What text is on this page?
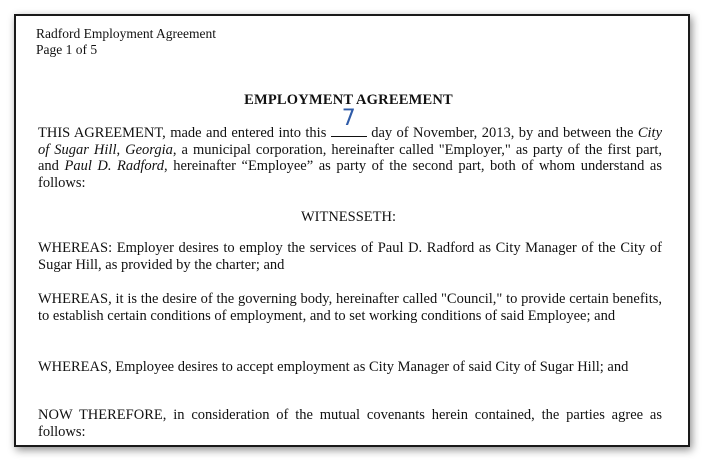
Radford Employment Agreement
Page 1 of 5
EMPLOYMENT AGREEMENT
THIS AGREEMENT, made and entered into this
7
day of November, 2013, by and between the City of Sugar Hill, Georgia, a municipal corporation, hereinafter called "Employer," as party of the first part, and Paul D. Radford, hereinafter “Employee” as party of the second part, both of whom understand as follows:
WITNESSETH:
WHEREAS: Employer desires to employ the services of Paul D. Radford as City Manager of the City of Sugar Hill, as provided by the charter; and
WHEREAS, it is the desire of the governing body, hereinafter called "Council," to provide certain benefits, to establish certain conditions of employment, and to set working conditions of said Employee; and
WHEREAS, Employee desires to accept employment as City Manager of said City of Sugar Hill; and
NOW THEREFORE, in consideration of the mutual covenants herein contained, the parties agree as follows:
